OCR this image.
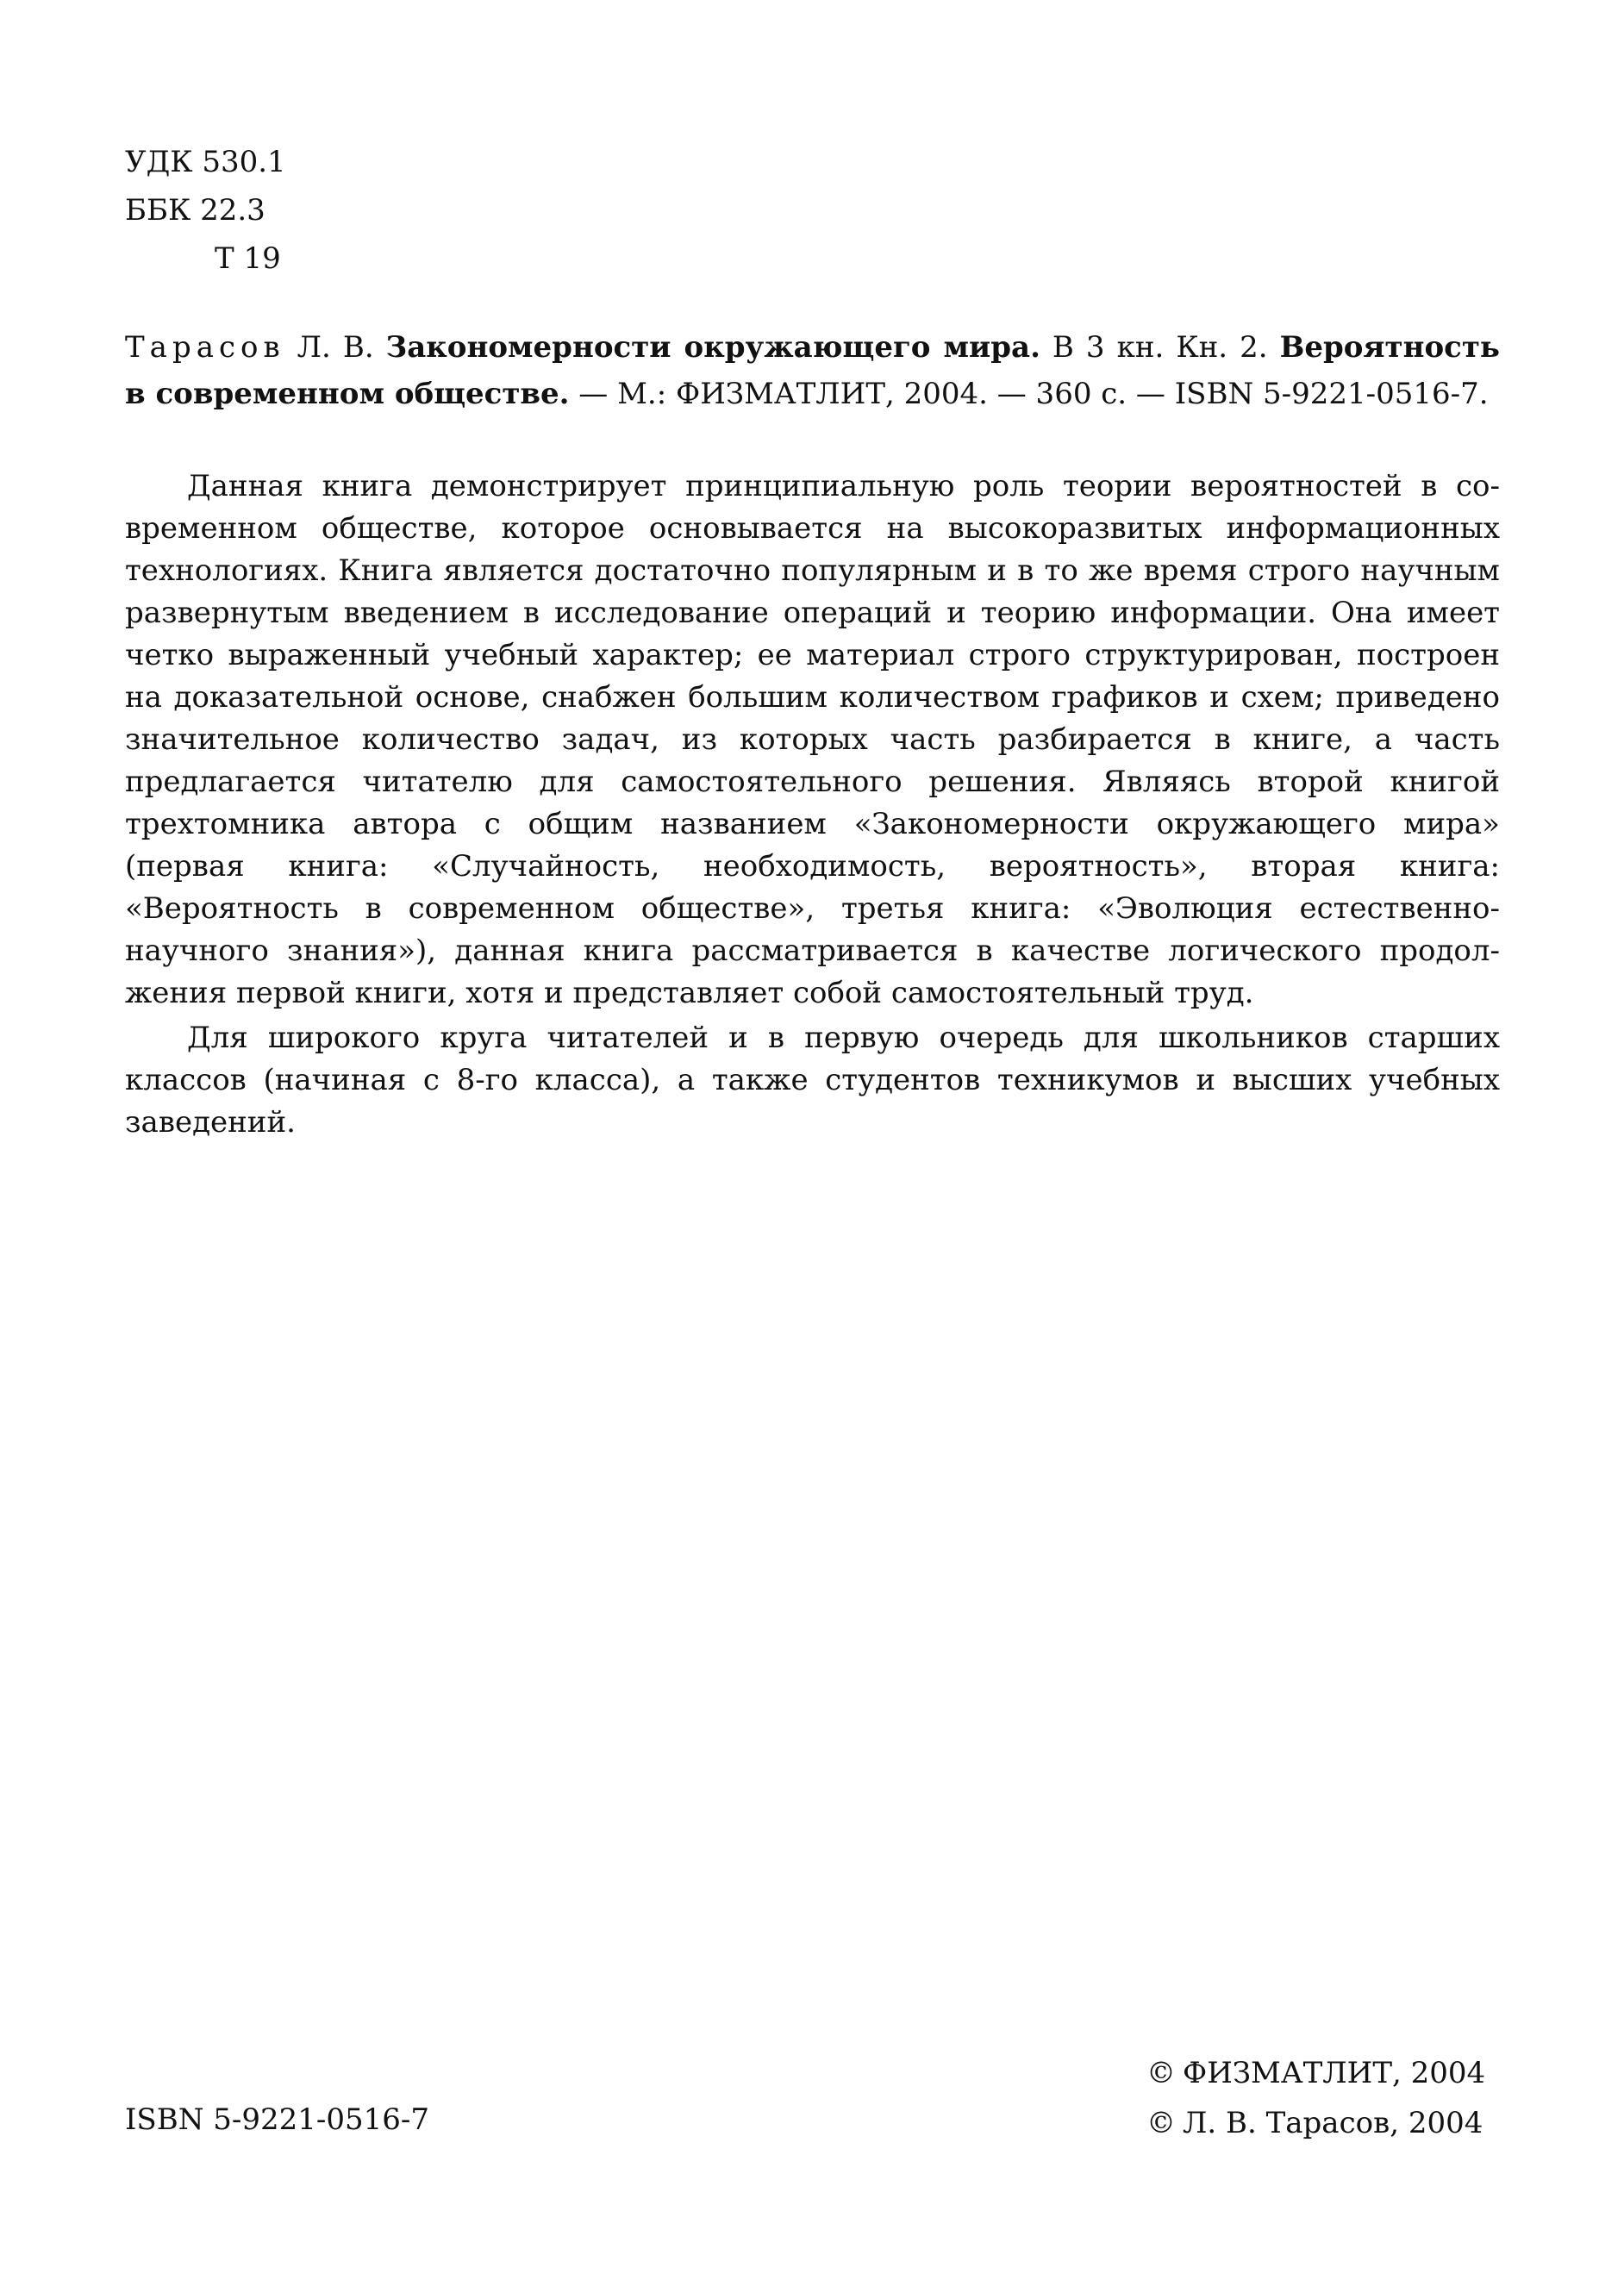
УДК 530.1
ББК 22.3
Т 19
Тарасов Л. В. Закономерности окружающего мира. В 3 кн. Кн. 2. Вероятность в современном обществе. — М.: ФИЗМАТЛИТ, 2004. — 360 с. — ISBN 5-9221-0516-7.

Данная книга демонстрирует принципиальную роль теории вероятностей в современном обществе, которое основывается на высокоразвитых информационных технологиях. Книга является достаточно популярным и в то же время строго научным развернутым введением в исследование операций и теорию информации. Она имеет четко выраженный учебный характер; ее материал строго структурирован, построен на доказательной основе, снабжен большим количеством графиков и схем; приведено значительное количество задач, из которых часть разбирается в книге, а часть предлагается читателю для самостоятельного решения. Являясь второй книгой трехтомника автора с общим названием «Закономерности окружающего мира» (первая книга: «Случайность, необходимость, вероятность», вторая книга: «Вероятность в современном обществе», третья книга: «Эволюция естественнонаучного знания»), данная книга рассматривается в качестве логического продолжения первой книги, хотя и представляет собой самостоятельный труд.

Для широкого круга читателей и в первую очередь для школьников старших классов (начиная с 8-го класса), а также студентов техникумов и высших учебных заведений.

ISBN 5-9221-0516-7
© ФИЗМАТЛИТ, 2004
© Л. В. Тарасов, 2004
